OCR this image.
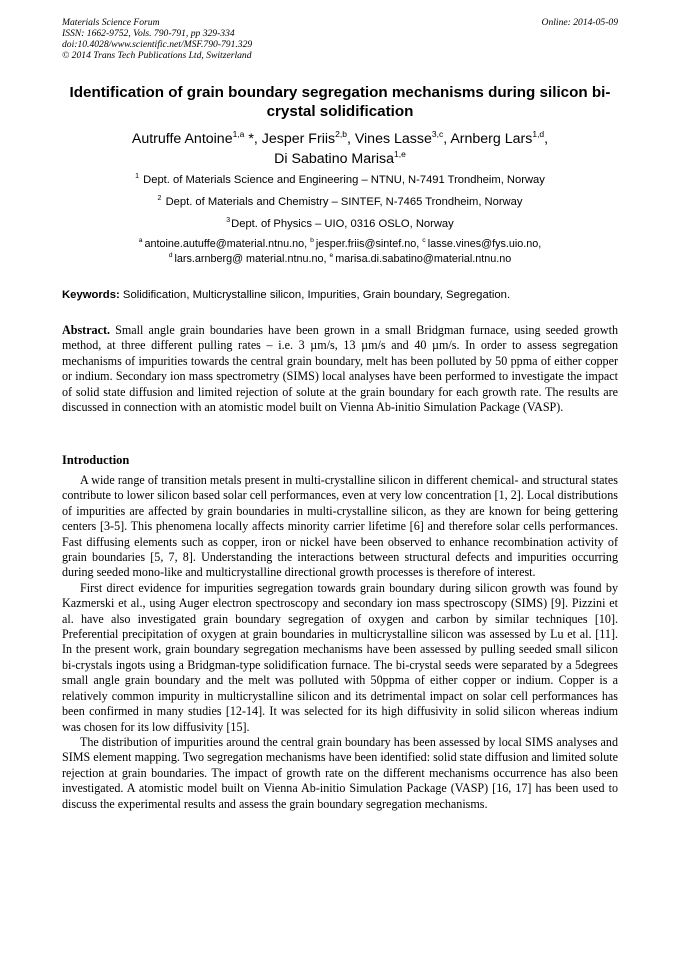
Materials Science Forum
ISSN: 1662-9752, Vols. 790-791, pp 329-334
doi:10.4028/www.scientific.net/MSF.790-791.329
© 2014 Trans Tech Publications Ltd, Switzerland
Online: 2014-05-09
Identification of grain boundary segregation mechanisms during silicon bi-crystal solidification
Autruffe Antoine$^{1,a}$ *, Jesper Friis$^{2,b}$, Vines Lasse$^{3,c}$, Arnberg Lars$^{1,d}$,
Di Sabatino Marisa$^{1,e}$
$^1$ Dept. of Materials Science and Engineering – NTNU, N-7491 Trondheim, Norway
$^2$ Dept. of Materials and Chemistry – SINTEF, N-7465 Trondheim, Norway
$^3$Dept. of Physics – UIO, 0316 OSLO, Norway
$^a$ antoine.autuffe@material.ntnu.no, $^b$ jesper.friis@sintef.no, $^c$ lasse.vines@fys.uio.no,
$^d$ lars.arnberg@ material.ntnu.no, $^e$ marisa.di.sabatino@material.ntnu.no
Keywords: Solidification, Multicrystalline silicon, Impurities, Grain boundary, Segregation.
Abstract. Small angle grain boundaries have been grown in a small Bridgman furnace, using seeded growth method, at three different pulling rates – i.e. 3 µm/s, 13 µm/s and 40 µm/s. In order to assess segregation mechanisms of impurities towards the central grain boundary, melt has been polluted by 50 ppma of either copper or indium. Secondary ion mass spectrometry (SIMS) local analyses have been performed to investigate the impact of solid state diffusion and limited rejection of solute at the grain boundary for each growth rate. The results are discussed in connection with an atomistic model built on Vienna Ab-initio Simulation Package (VASP).
Introduction

A wide range of transition metals present in multi-crystalline silicon in different chemical- and structural states contribute to lower silicon based solar cell performances, even at very low concentration [1, 2]. Local distributions of impurities are affected by grain boundaries in multi-crystalline silicon, as they are known for being gettering centers [3-5]. This phenomena locally affects minority carrier lifetime [6] and therefore solar cells performances. Fast diffusing elements such as copper, iron or nickel have been observed to enhance recombination activity of grain boundaries [5, 7, 8]. Understanding the interactions between structural defects and impurities occurring during seeded mono-like and multicrystalline directional growth processes is therefore of interest.

First direct evidence for impurities segregation towards grain boundary during silicon growth was found by Kazmerski et al., using Auger electron spectroscopy and secondary ion mass spectroscopy (SIMS) [9]. Pizzini et al. have also investigated grain boundary segregation of oxygen and carbon by similar techniques [10]. Preferential precipitation of oxygen at grain boundaries in multicrystalline silicon was assessed by Lu et al. [11]. In the present work, grain boundary segregation mechanisms have been assessed by pulling seeded small silicon bi-crystals ingots using a Bridgman-type solidification furnace. The bi-crystal seeds were separated by a 5degrees small angle grain boundary and the melt was polluted with 50ppma of either copper or indium. Copper is a relatively common impurity in multicrystalline silicon and its detrimental impact on solar cell performances has been confirmed in many studies [12-14]. It was selected for its high diffusivity in solid silicon whereas indium was chosen for its low diffusivity [15].

The distribution of impurities around the central grain boundary has been assessed by local SIMS analyses and SIMS element mapping. Two segregation mechanisms have been identified: solid state diffusion and limited solute rejection at grain boundaries. The impact of growth rate on the different mechanisms occurrence has also been investigated. A atomistic model built on Vienna Ab-initio Simulation Package (VASP) [16, 17] has been used to discuss the experimental results and assess the grain boundary segregation mechanisms.
